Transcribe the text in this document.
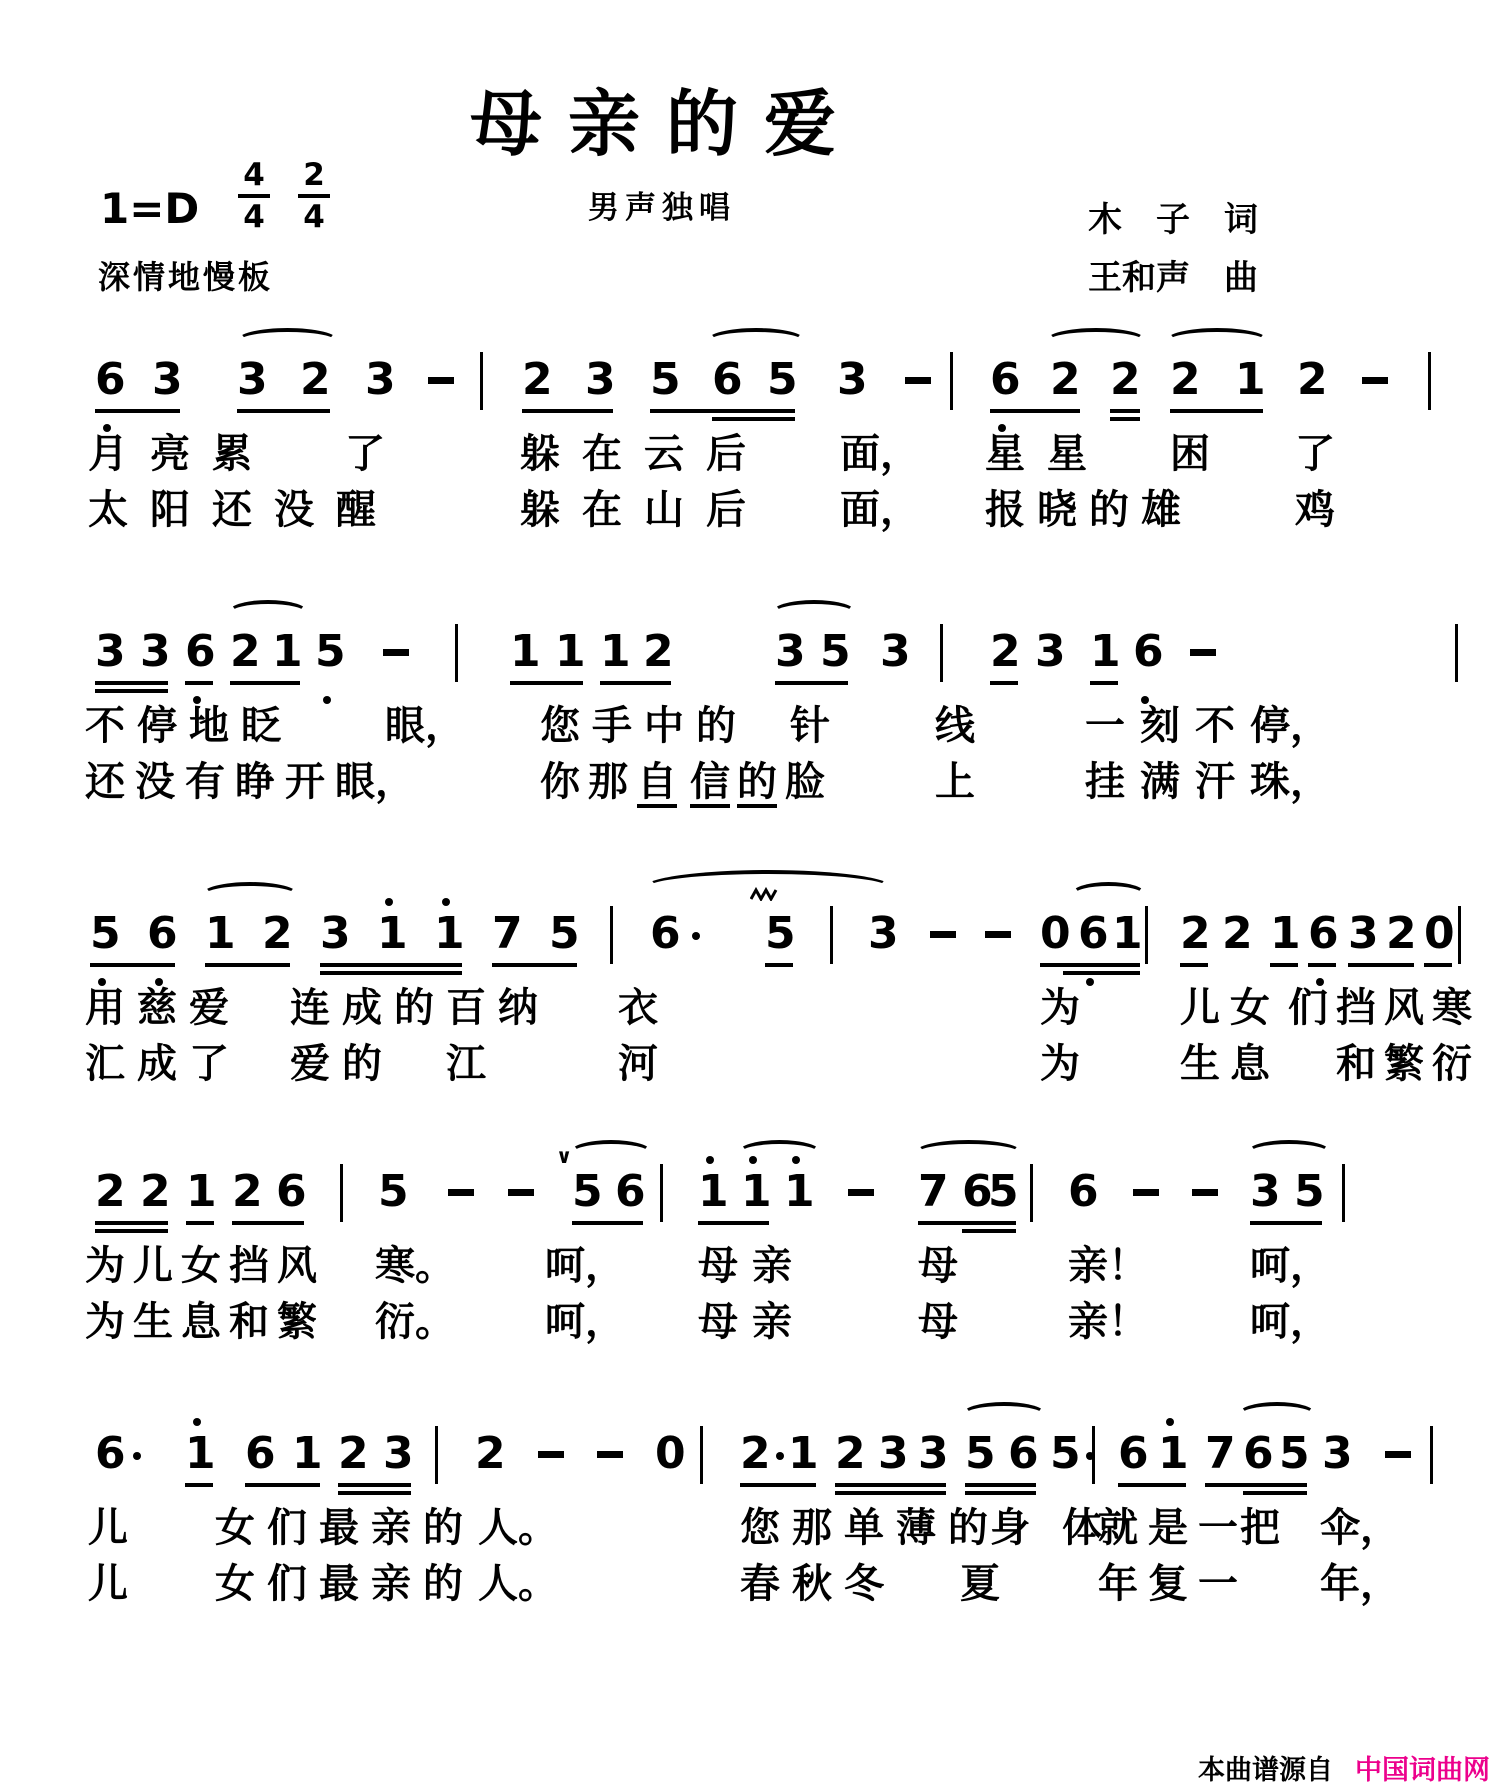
母亲的爱
男声独唱
1=D
4
4
2
4
深情地慢板
木　子　词
王和声　曲
6 3 3 2 3	2 3 5 6 5 3	6 2 2 2 1 2
月 亮 累 了	躲 在 云 后 面， 星 星 困 了
太 阳 还 没 醒	躲 在 山 后 面， 报 晓 的 雄	鸡
3 3 6 2 1 5	1 1 1 2 3 5 3 2 3 1 6
不 停 地 眨	眼， 您 手 中 的 针	线	一 刻 不 停，
还 没 有 睁 开 眼，	你 那 自 信 的 脸	上	挂 满 汗 珠，
5 6 1 2 3 1 1 7 5 6 5 3	0 6 1 2 2 1 6 3 2 0
用 慈 爱 连 成 的 百 纳 衣	为	儿 女 们 挡 风 寒
汇 成 了 爱 的 江	河	为	生 息 和 繁 衍
2 2 1 2 6 5	5 6 1 1 1 7 6
5 6	3 5
∨
为 儿 女 挡 风 寒。 呵， 母 亲	母	亲！	呵，
为 生 息 和 繁 衍。 呵， 母 亲	母	亲！	呵，
6 1 6 1 2 3 2	0 2 1 2 3 3 5 6 5 6 1 7 6 5 3
儿 女 们 最 亲 的 人。	您 那 单 薄 的 身 体
就 是 一 把 伞，
儿 女 们 最 亲 的 人。	春 秋 冬 夏 年 复 一 年，
本曲谱源自 中国词曲网
